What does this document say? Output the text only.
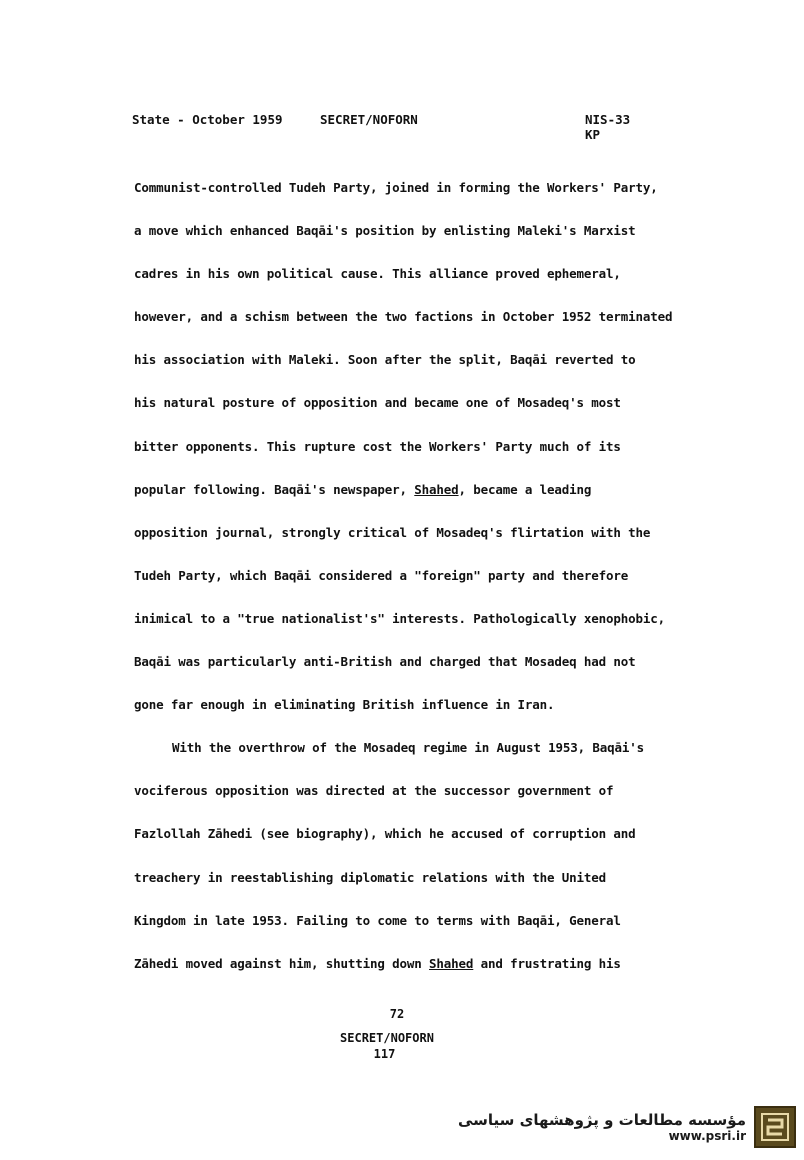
State - October 1959	SECRET/NOFORN	NIS-33
KP
Communist-controlled Tudeh Party, joined in forming the Workers' Party,
a move which enhanced Baqāi's position by enlisting Maleki's Marxist
cadres in his own political cause. This alliance proved ephemeral,
however, and a schism between the two factions in October 1952 terminated
his association with Maleki. Soon after the split, Baqāi reverted to
his natural posture of opposition and became one of Mosadeq's most
bitter opponents. This rupture cost the Workers' Party much of its
popular following. Baqāi's newspaper, Shahed, became a leading
opposition journal, strongly critical of Mosadeq's flirtation with the
Tudeh Party, which Baqāi considered a "foreign" party and therefore
inimical to a "true nationalist's" interests. Pathologically xenophobic,
Baqāi was particularly anti-British and charged that Mosadeq had not
gone far enough in eliminating British influence in Iran.
With the overthrow of the Mosadeq regime in August 1953, Baqāi's
vociferous opposition was directed at the successor government of
Fazlollah Zāhedi (see biography), which he accused of corruption and
treachery in reestablishing diplomatic relations with the United
Kingdom in late 1953. Failing to come to terms with Baqāi, General
Zāhedi moved against him, shutting down Shahed and frustrating his
72
SECRET/NOFORN
117
مؤسسه مطالعات و پژوهشهای سیاسی
www.psri.ir
